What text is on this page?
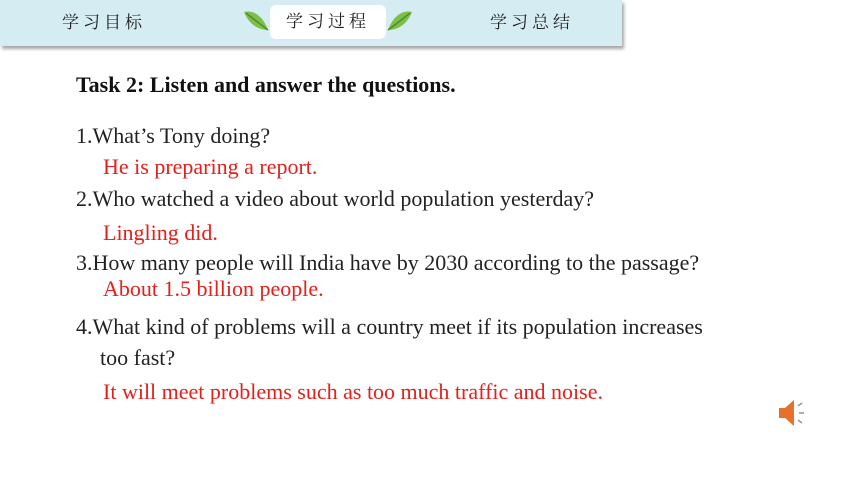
学习目标	学习过程	学习总结
Task 2: Listen and answer the questions.
1.What’s Tony doing?
He is preparing a report.
2.Who watched a video about world population yesterday?
Lingling did.
3.How many people will India have by 2030 according to the passage?
About 1.5 billion people.
4.What kind of problems will a country meet if its population increases
too fast?
It will meet problems such as too much traffic and noise.
